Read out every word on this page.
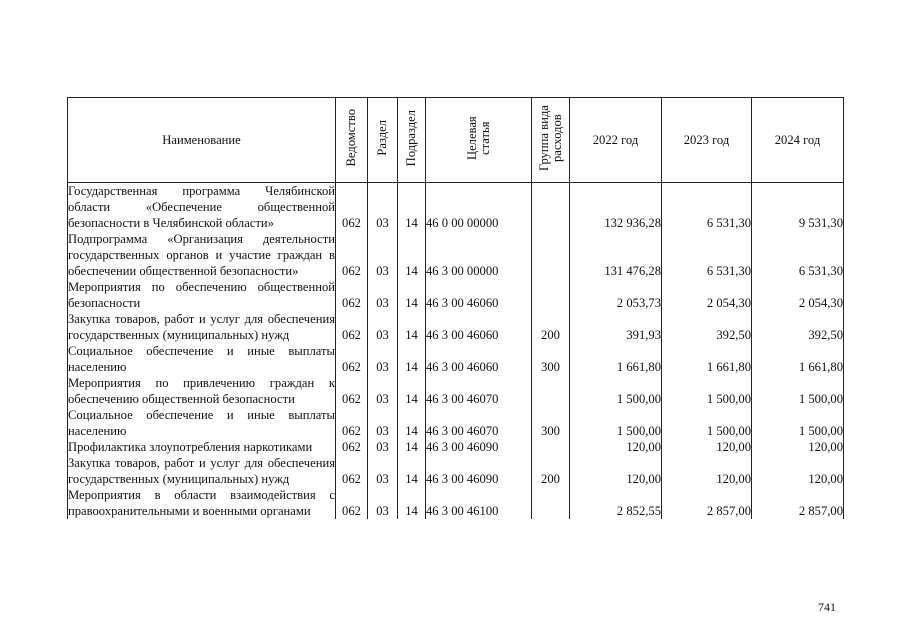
Наименование	Ведомство	Раздел	Подраздел	Целевая статья	Группа вида расходов	2022 год	2023 год	2024 год
Государственная программа Челябинской области «Обеспечение общественной безопасности в Челябинской области»	062	03	14	46 0 00 00000		132 936,28	6 531,30	9 531,30
Подпрограмма «Организация деятельности государственных органов и участие граждан в обеспечении общественной безопасности»	062	03	14	46 3 00 00000		131 476,28	6 531,30	6 531,30
Мероприятия по обеспечению общественной безопасности	062	03	14	46 3 00 46060		2 053,73	2 054,30	2 054,30
Закупка товаров, работ и услуг для обеспечения государственных (муниципальных) нужд	062	03	14	46 3 00 46060	200	391,93	392,50	392,50
Социальное обеспечение и иные выплаты населению	062	03	14	46 3 00 46060	300	1 661,80	1 661,80	1 661,80
Мероприятия по привлечению граждан к обеспечению общественной безопасности	062	03	14	46 3 00 46070		1 500,00	1 500,00	1 500,00
Социальное обеспечение и иные выплаты населению	062	03	14	46 3 00 46070	300	1 500,00	1 500,00	1 500,00
Профилактика злоупотребления наркотиками	062	03	14	46 3 00 46090		120,00	120,00	120,00
Закупка товаров, работ и услуг для обеспечения государственных (муниципальных) нужд	062	03	14	46 3 00 46090	200	120,00	120,00	120,00
Мероприятия в области взаимодействия с правоохранительными и военными органами	062	03	14	46 3 00 46100		2 852,55	2 857,00	2 857,00
741
